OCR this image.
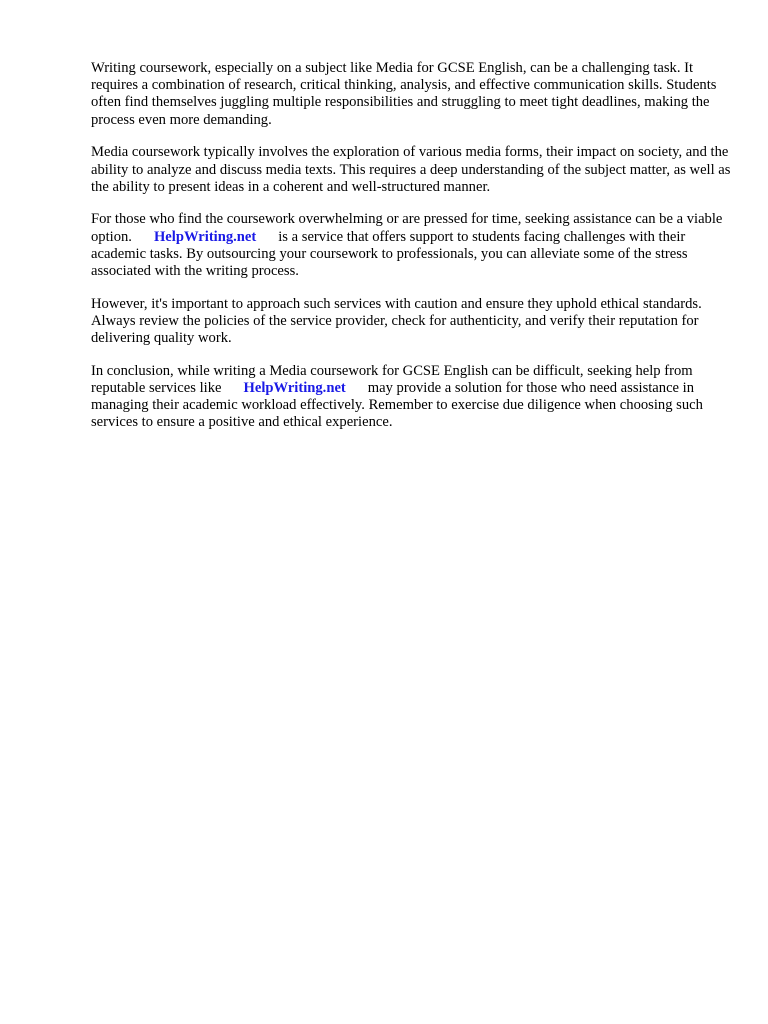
Writing coursework, especially on a subject like Media for GCSE English, can be a challenging task. It requires a combination of research, critical thinking, analysis, and effective communication skills. Students often find themselves juggling multiple responsibilities and struggling to meet tight deadlines, making the process even more demanding.

Media coursework typically involves the exploration of various media forms, their impact on society, and the ability to analyze and discuss media texts. This requires a deep understanding of the subject matter, as well as the ability to present ideas in a coherent and well-structured manner.

For those who find the coursework overwhelming or are pressed for time, seeking assistance can be a viable option. HelpWriting.net is a service that offers support to students facing challenges with their academic tasks. By outsourcing your coursework to professionals, you can alleviate some of the stress associated with the writing process.

However, it's important to approach such services with caution and ensure they uphold ethical standards. Always review the policies of the service provider, check for authenticity, and verify their reputation for delivering quality work.

In conclusion, while writing a Media coursework for GCSE English can be difficult, seeking help from reputable services like HelpWriting.net may provide a solution for those who need assistance in managing their academic workload effectively. Remember to exercise due diligence when choosing such services to ensure a positive and ethical experience.
